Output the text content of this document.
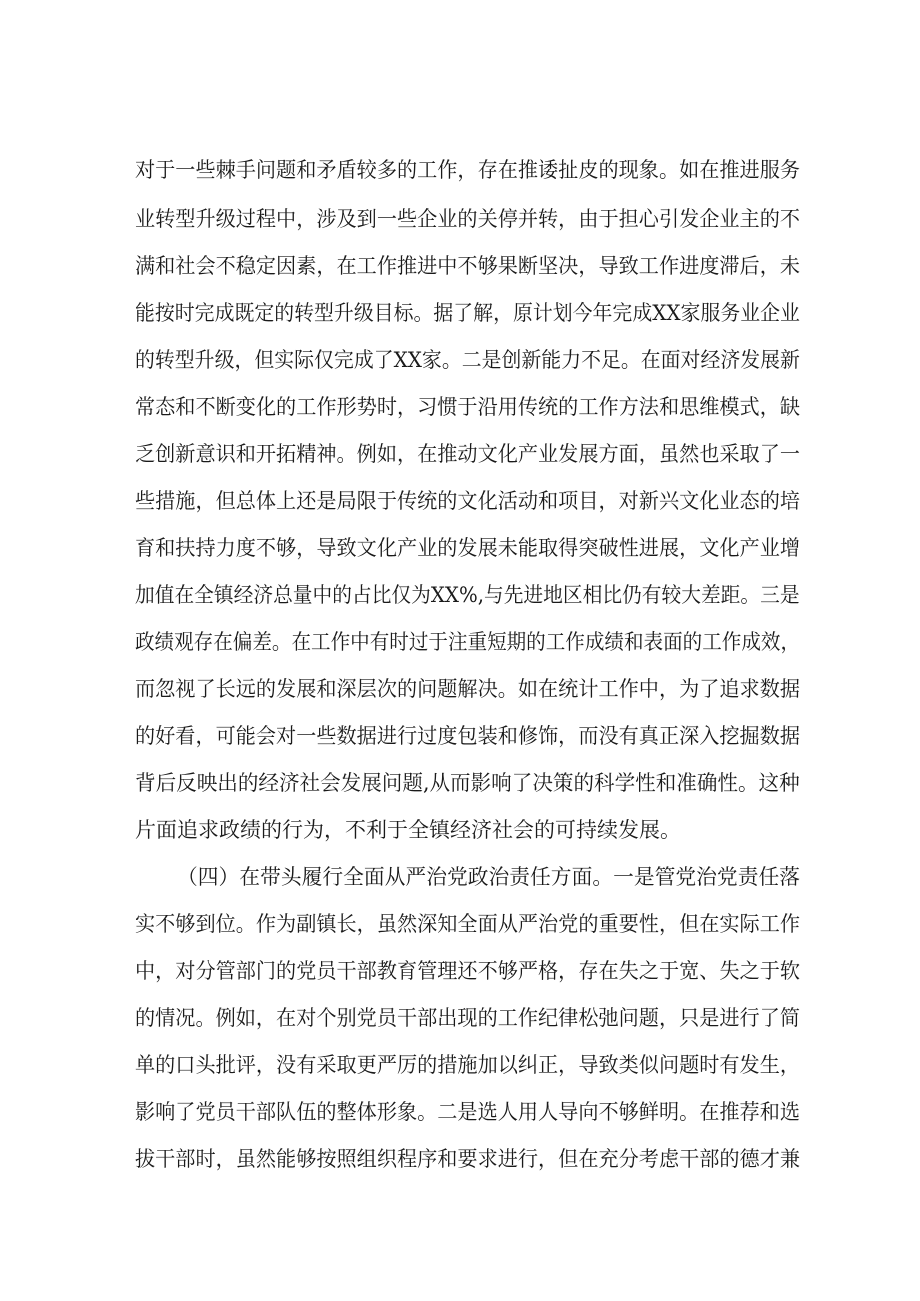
对于一些棘手问题和矛盾较多的工作，存在推诿扯皮的现象。如在推进服务
业转型升级过程中，涉及到一些企业的关停并转，由于担心引发企业主的不
满和社会不稳定因素，在工作推进中不够果断坚决，导致工作进度滞后，未
能按时完成既定的转型升级目标。据了解，原计划今年完成XX家服务业企业
的转型升级，但实际仅完成了XX家。二是创新能力不足。在面对经济发展新
常态和不断变化的工作形势时，习惯于沿用传统的工作方法和思维模式，缺
乏创新意识和开拓精神。例如，在推动文化产业发展方面，虽然也采取了一
些措施，但总体上还是局限于传统的文化活动和项目，对新兴文化业态的培
育和扶持力度不够，导致文化产业的发展未能取得突破性进展，文化产业增
加值在全镇经济总量中的占比仅为XX%,与先进地区相比仍有较大差距。三是
政绩观存在偏差。在工作中有时过于注重短期的工作成绩和表面的工作成效，
而忽视了长远的发展和深层次的问题解决。如在统计工作中，为了追求数据
的好看，可能会对一些数据进行过度包装和修饰，而没有真正深入挖掘数据
背后反映出的经济社会发展问题,从而影响了决策的科学性和准确性。这种
片面追求政绩的行为，不利于全镇经济社会的可持续发展。
（四）在带头履行全面从严治党政治责任方面。一是管党治党责任落
实不够到位。作为副镇长，虽然深知全面从严治党的重要性，但在实际工作
中，对分管部门的党员干部教育管理还不够严格，存在失之于宽、失之于软
的情况。例如，在对个别党员干部出现的工作纪律松弛问题，只是进行了简
单的口头批评，没有采取更严厉的措施加以纠正，导致类似问题时有发生，
影响了党员干部队伍的整体形象。二是选人用人导向不够鲜明。在推荐和选
拔干部时，虽然能够按照组织程序和要求进行，但在充分考虑干部的德才兼
